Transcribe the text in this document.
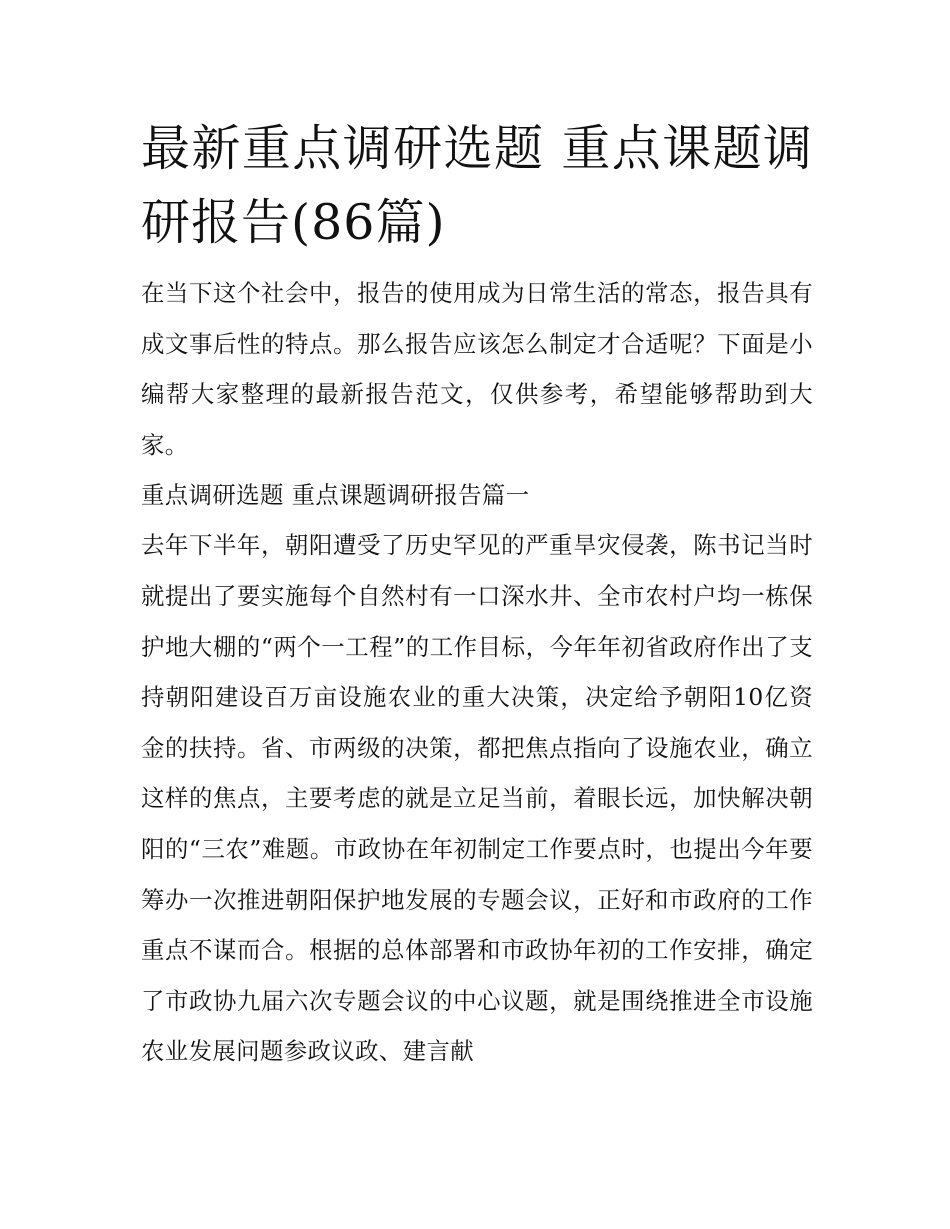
最新重点调研选题 重点课题调研报告(86篇)

在当下这个社会中，报告的使用成为日常生活的常态，报告具有成文事后性的特点。那么报告应该怎么制定才合适呢？下面是小编帮大家整理的最新报告范文，仅供参考，希望能够帮助到大家。

重点调研选题 重点课题调研报告篇一

去年下半年，朝阳遭受了历史罕见的严重旱灾侵袭，陈书记当时就提出了要实施每个自然村有一口深水井、全市农村户均一栋保护地大棚的“两个一工程”的工作目标，今年年初省政府作出了支持朝阳建设百万亩设施农业的重大决策，决定给予朝阳10亿资金的扶持。省、市两级的决策，都把焦点指向了设施农业，确立这样的焦点，主要考虑的就是立足当前，着眼长远，加快解决朝阳的“三农”难题。市政协在年初制定工作要点时，也提出今年要筹办一次推进朝阳保护地发展的专题会议，正好和市政府的工作重点不谋而合。根据的总体部署和市政协年初的工作安排，确定了市政协九届六次专题会议的中心议题，就是围绕推进全市设施农业发展问题参政议政、建言献
